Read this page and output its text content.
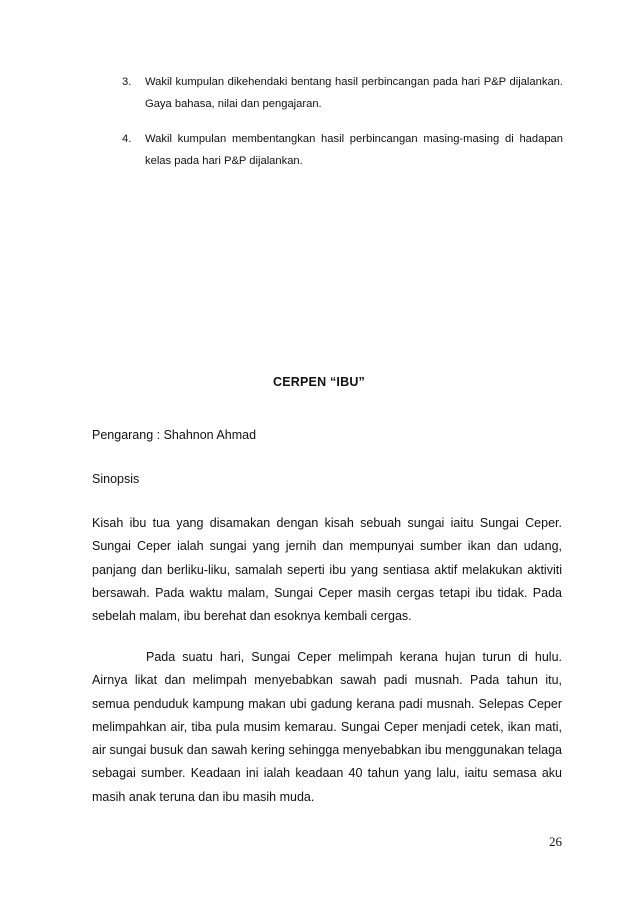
3. Wakil kumpulan dikehendaki bentang hasil perbincangan pada hari P&P dijalankan. Gaya bahasa, nilai dan pengajaran.
4. Wakil kumpulan membentangkan hasil perbincangan masing-masing di hadapan kelas pada hari P&P dijalankan.
CERPEN “IBU”
Pengarang : Shahnon Ahmad
Sinopsis

Kisah ibu tua yang disamakan dengan kisah sebuah sungai iaitu Sungai Ceper. Sungai Ceper ialah sungai yang jernih dan mempunyai sumber ikan dan udang, panjang dan berliku-liku, samalah seperti ibu yang sentiasa aktif melakukan aktiviti bersawah. Pada waktu malam, Sungai Ceper masih cergas tetapi ibu tidak. Pada sebelah malam, ibu berehat dan esoknya kembali cergas.

Pada suatu hari, Sungai Ceper melimpah kerana hujan turun di hulu. Airnya likat dan melimpah menyebabkan sawah padi musnah. Pada tahun itu, semua penduduk kampung makan ubi gadung kerana padi musnah. Selepas Ceper melimpahkan air, tiba pula musim kemarau. Sungai Ceper menjadi cetek, ikan mati, air sungai busuk dan sawah kering sehingga menyebabkan ibu menggunakan telaga sebagai sumber. Keadaan ini ialah keadaan 40 tahun yang lalu, iaitu semasa aku masih anak teruna dan ibu masih muda.

26
